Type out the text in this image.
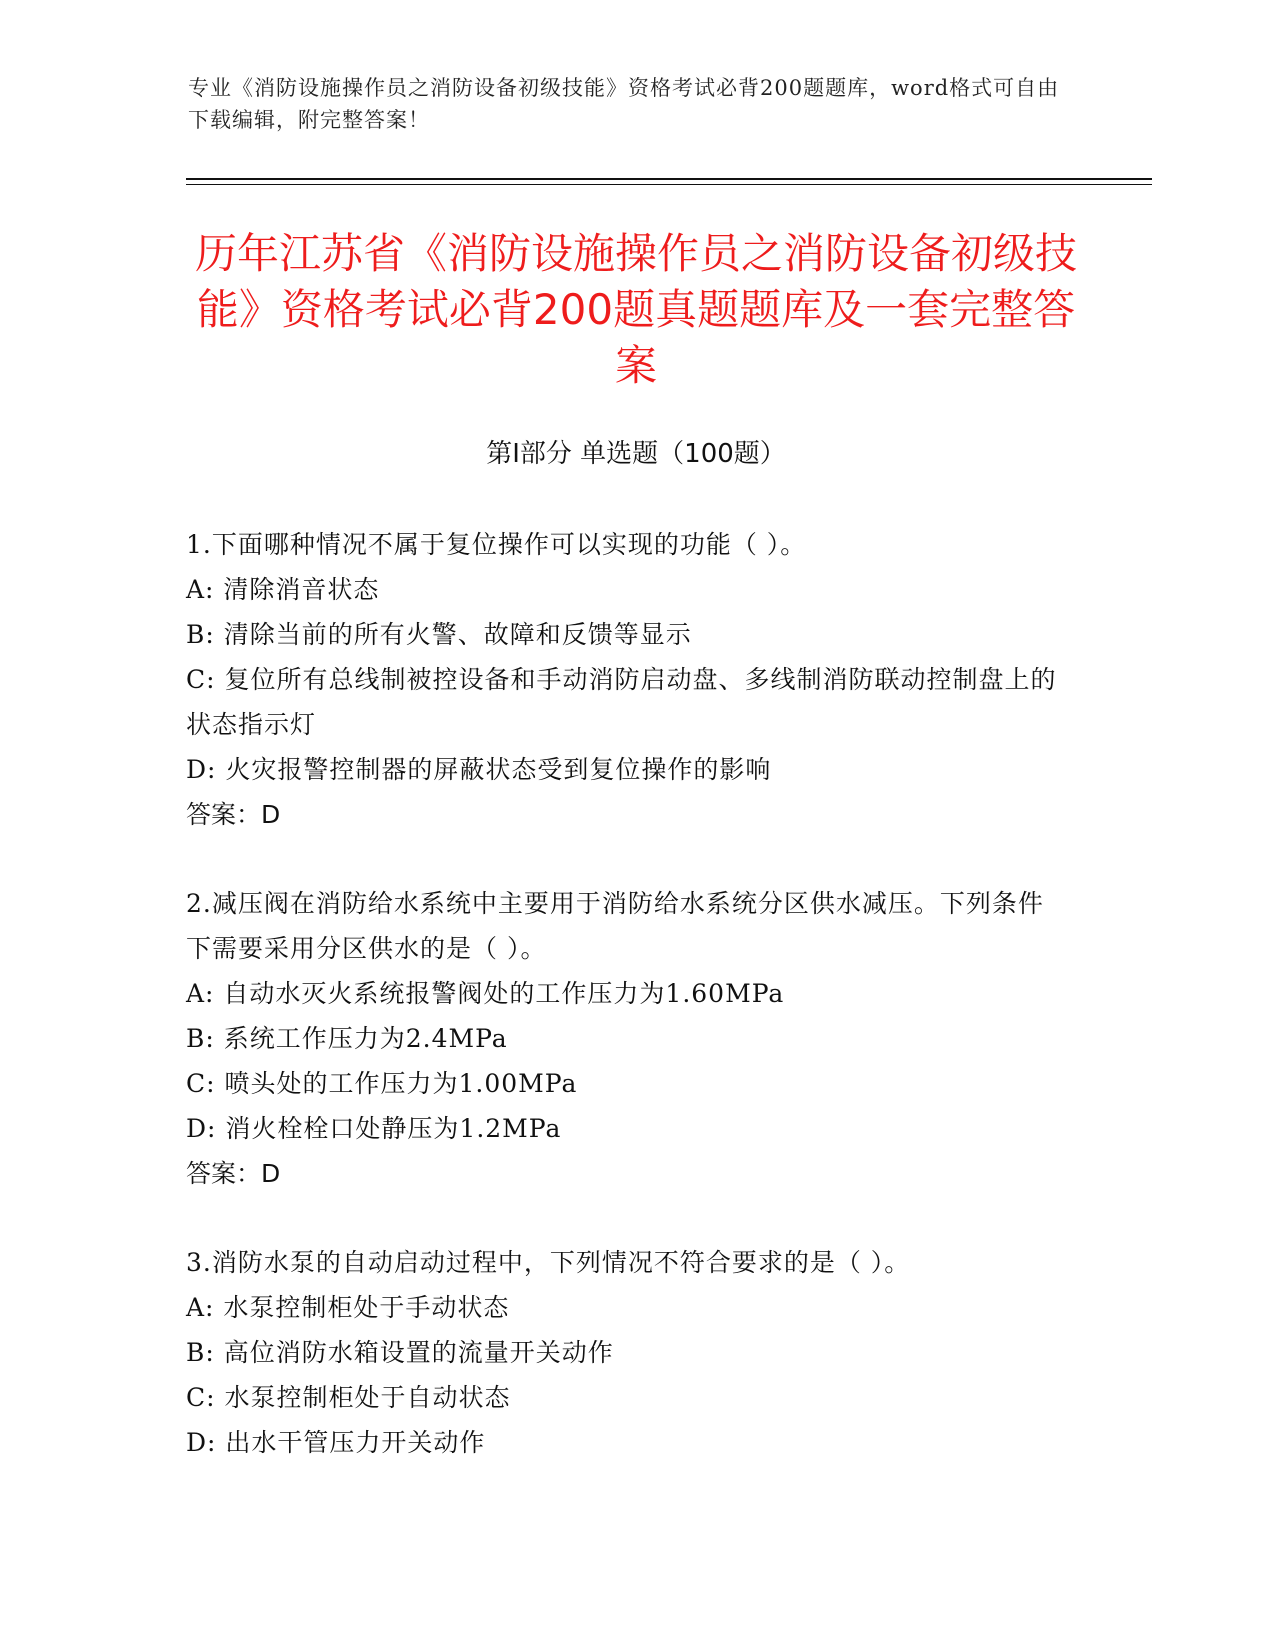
专业《消防设施操作员之消防设备初级技能》资格考试必背200题题库，word格式可自由下载编辑，附完整答案！

历年江苏省《消防设施操作员之消防设备初级技能》资格考试必背200题真题题库及一套完整答案
第Ⅰ部分 单选题（100题）

1.下面哪种情况不属于复位操作可以实现的功能（ ）。

A: 清除消音状态

B: 清除当前的所有火警、故障和反馈等显示

C: 复位所有总线制被控设备和手动消防启动盘、多线制消防联动控制盘上的状态指示灯

D: 火灾报警控制器的屏蔽状态受到复位操作的影响

答案：D

2.减压阀在消防给水系统中主要用于消防给水系统分区供水减压。下列条件下需要采用分区供水的是（ ）。

A: 自动水灭火系统报警阀处的工作压力为1.60MPa

B: 系统工作压力为2.4MPa

C: 喷头处的工作压力为1.00MPa

D: 消火栓栓口处静压为1.2MPa

答案：D

3.消防水泵的自动启动过程中，下列情况不符合要求的是（ ）。

A: 水泵控制柜处于手动状态

B: 高位消防水箱设置的流量开关动作

C: 水泵控制柜处于自动状态

D: 出水干管压力开关动作
